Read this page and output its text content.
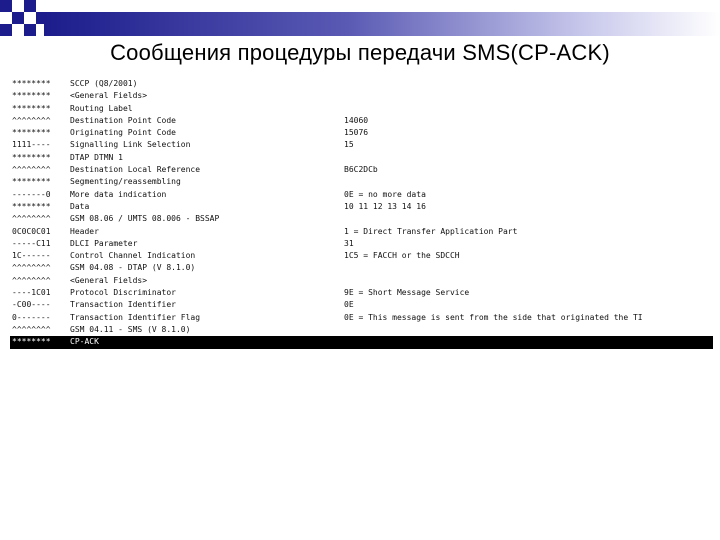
Сообщения процедуры передачи SMS(CP-ACK)
******** SCCP (Q8/2001)
******** <General Fields>
******** Routing Label
^^^^^^^^ Destination Point Code	14060
******** Originating Point Code	15076
1111---- Signalling Link Selection	15
******** DTAP DTMN 1
^^^^^^^^ Destination Local Reference	B6C2DCb
******** Segmenting/reassembling
-------0 More data indication	0E = no more data
******** Data	10 11 12 13 14 16
^^^^^^^^ GSM 08.06 / UMTS 08.006 - BSSAP
0C0C0C01 Header	1 = Direct Transfer Application Part
-----C11 DLCI Parameter	31
1C------ Control Channel Indication	1C5 = FACCH or the SDCCH
^^^^^^^^ GSM 04.08 - DTAP (V 8.1.0)
^^^^^^^^ <General Fields>
----1C01 Protocol Discriminator	9E = Short Message Service
-C00---- Transaction Identifier	0E
0------- Transaction Identifier Flag	0E = This message is sent from the side that originated the TI
^^^^^^^^ GSM 04.11 - SMS (V 8.1.0)
******** CP-ACK
